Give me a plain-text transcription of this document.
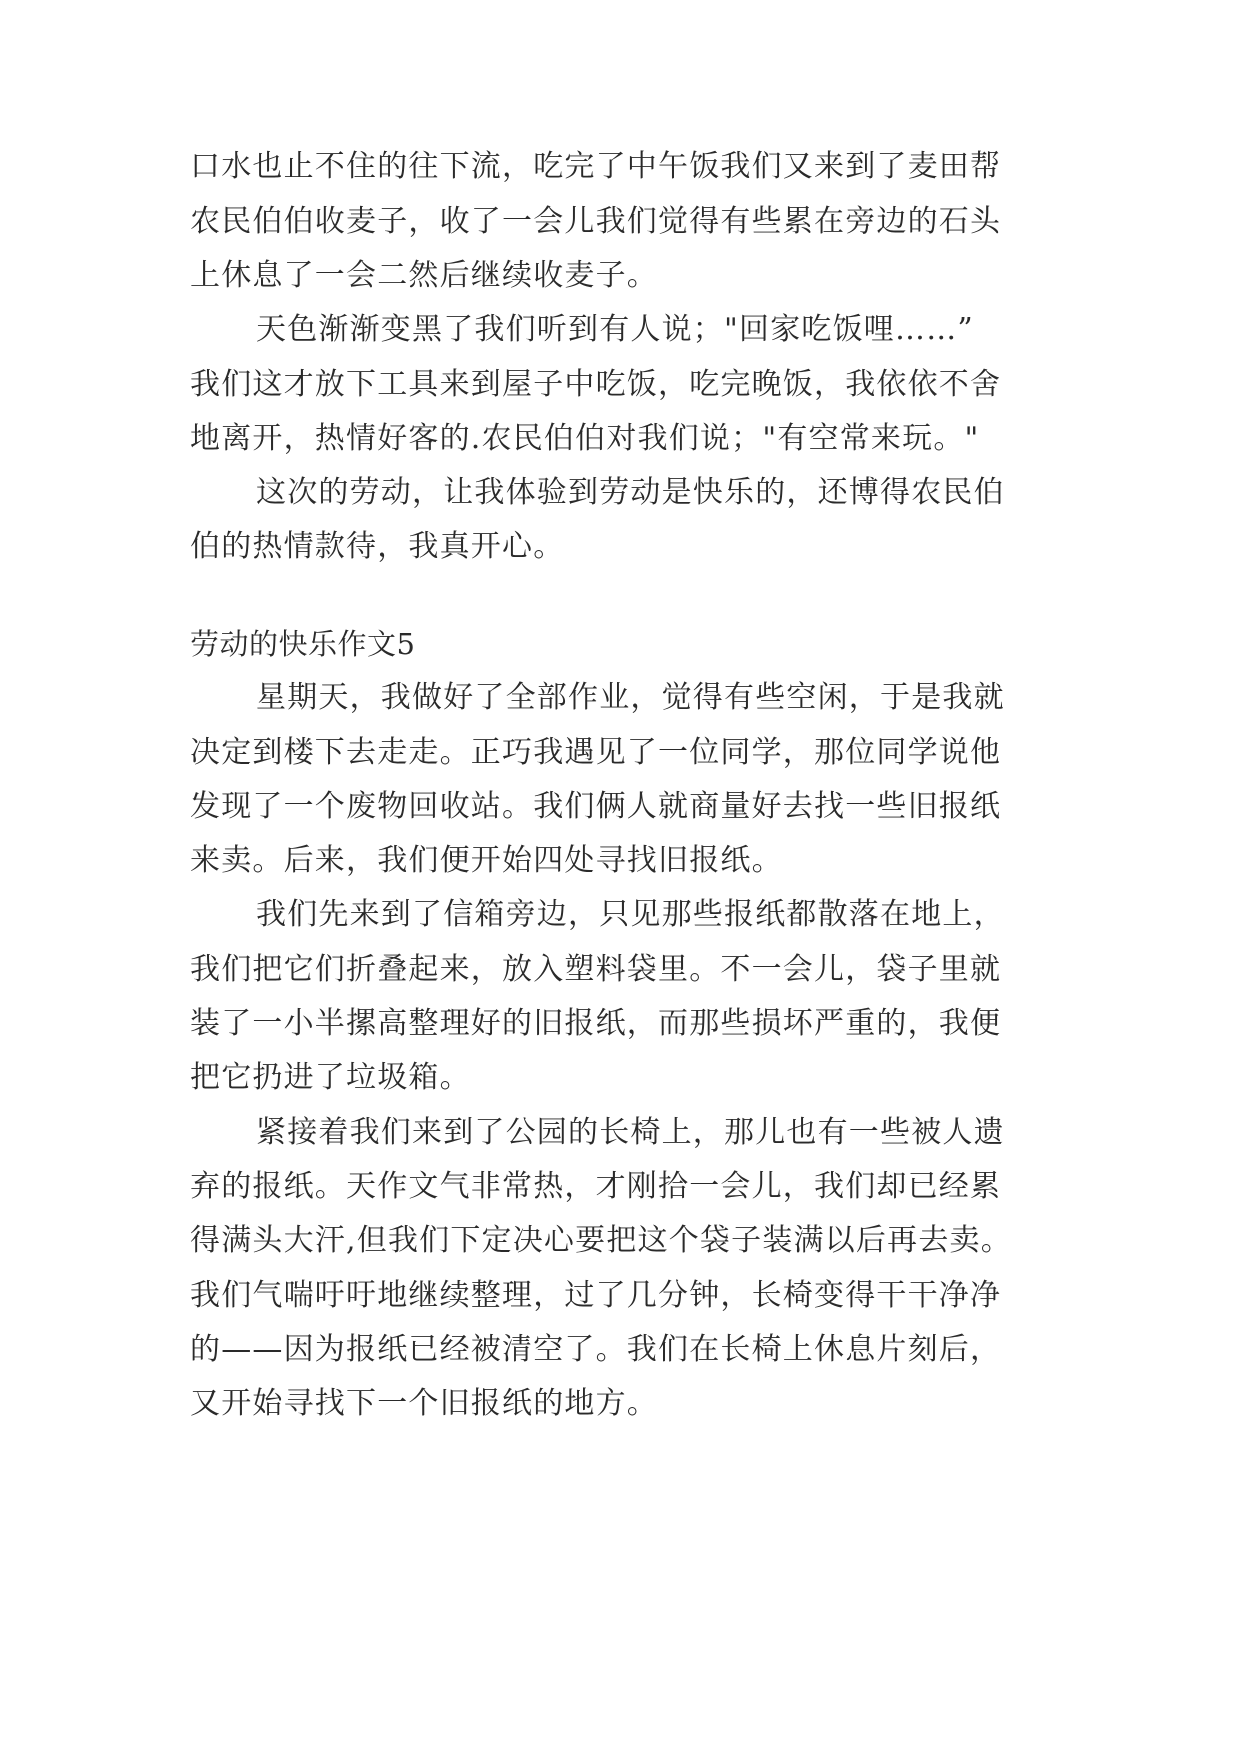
口水也止不住的往下流，吃完了中午饭我们又来到了麦田帮
农民伯伯收麦子，收了一会儿我们觉得有些累在旁边的石头
上休息了一会二然后继续收麦子。
天色渐渐变黑了我们听到有人说；"回家吃饭哩……”
我们这才放下工具来到屋子中吃饭，吃完晚饭，我依依不舍
地离开，热情好客的.农民伯伯对我们说；"有空常来玩。"
这次的劳动，让我体验到劳动是快乐的，还博得农民伯
伯的热情款待，我真开心。
劳动的快乐作文5
星期天，我做好了全部作业，觉得有些空闲，于是我就
决定到楼下去走走。正巧我遇见了一位同学，那位同学说他
发现了一个废物回收站。我们俩人就商量好去找一些旧报纸
来卖。后来，我们便开始四处寻找旧报纸。
我们先来到了信箱旁边，只见那些报纸都散落在地上，
我们把它们折叠起来，放入塑料袋里。不一会儿，袋子里就
装了一小半摞高整理好的旧报纸，而那些损坏严重的，我便
把它扔进了垃圾箱。
紧接着我们来到了公园的长椅上，那儿也有一些被人遗
弃的报纸。天作文气非常热，才刚拾一会儿，我们却已经累
得满头大汗,但我们下定决心要把这个袋子装满以后再去卖。
我们气喘吁吁地继续整理，过了几分钟，长椅变得干干净净
的——因为报纸已经被清空了。我们在长椅上休息片刻后，
又开始寻找下一个旧报纸的地方。
